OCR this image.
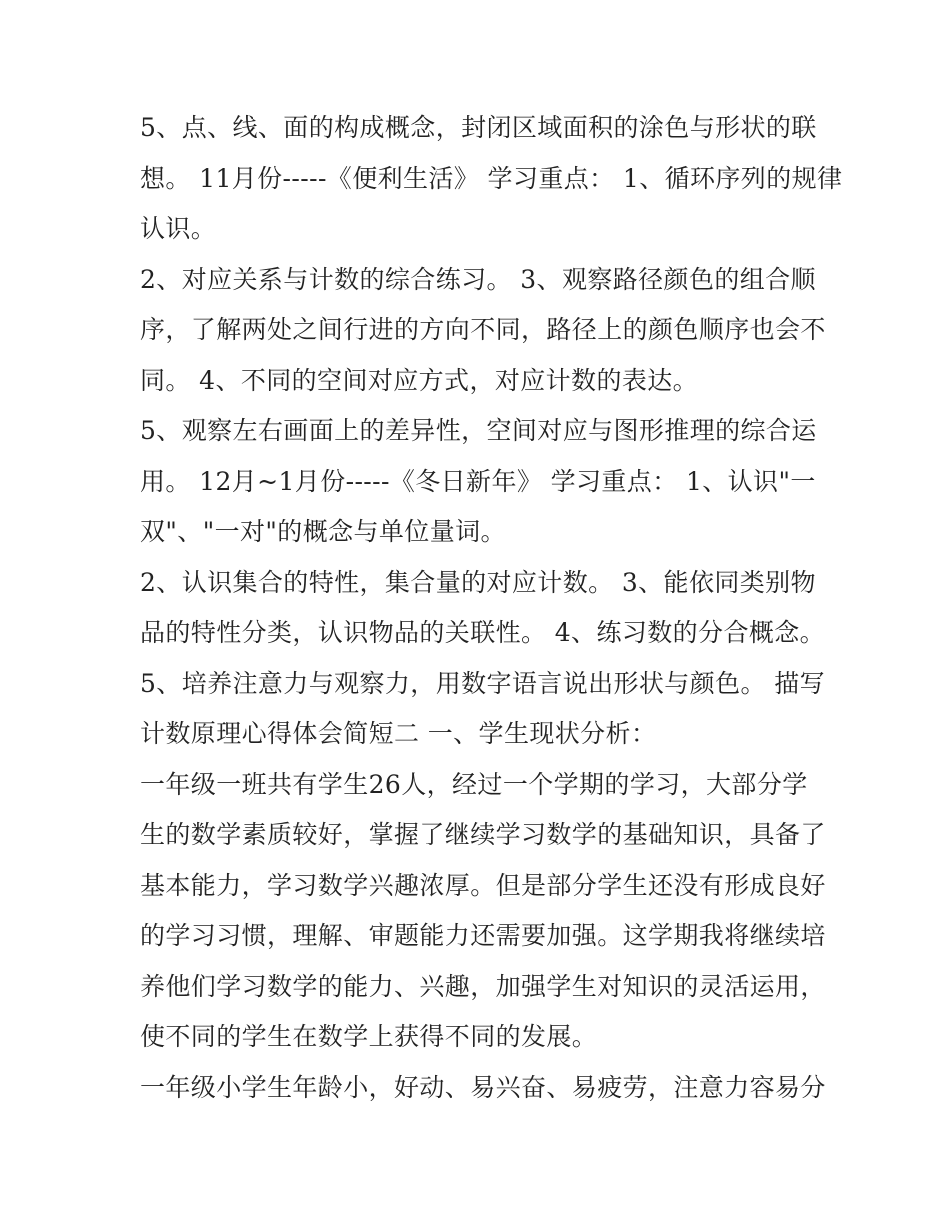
5、点、线、面的构成概念，封闭区域面积的涂色与形状的联
想。 11月份-----《便利生活》 学习重点： 1、循环序列的规律
认识。
2、对应关系与计数的综合练习。 3、观察路径颜色的组合顺
序，了解两处之间行进的方向不同，路径上的颜色顺序也会不
同。 4、不同的空间对应方式，对应计数的表达。
5、观察左右画面上的差异性，空间对应与图形推理的综合运
用。 12月~1月份-----《冬日新年》 学习重点： 1、认识"一
双"、"一对"的概念与单位量词。
2、认识集合的特性，集合量的对应计数。 3、能依同类别物
品的特性分类，认识物品的关联性。 4、练习数的分合概念。
5、培养注意力与观察力，用数字语言说出形状与颜色。 描写
计数原理心得体会简短二 一、学生现状分析：
一年级一班共有学生26人，经过一个学期的学习，大部分学
生的数学素质较好，掌握了继续学习数学的基础知识，具备了
基本能力，学习数学兴趣浓厚。但是部分学生还没有形成良好
的学习习惯，理解、审题能力还需要加强。这学期我将继续培
养他们学习数学的能力、兴趣，加强学生对知识的灵活运用，
使不同的学生在数学上获得不同的发展。
一年级小学生年龄小，好动、易兴奋、易疲劳，注意力容易分
